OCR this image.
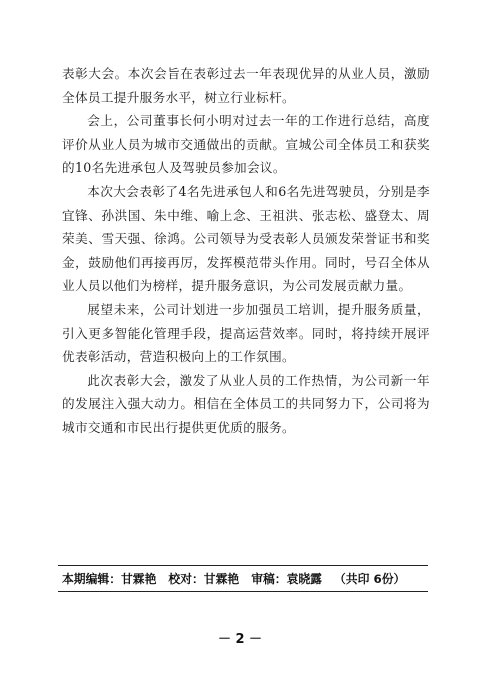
表彰大会。本次会旨在表彰过去一年表现优异的从业人员，激励全体员工提升服务水平，树立行业标杆。

会上，公司董事长何小明对过去一年的工作进行总结，高度评价从业人员为城市交通做出的贡献。宣城公司全体员工和获奖的10名先进承包人及驾驶员参加会议。

本次大会表彰了4名先进承包人和6名先进驾驶员，分别是李宜锋、孙洪国、朱中维、喻上念、王祖洪、张志松、盛登太、周荣美、雪天强、徐鸿。公司领导为受表彰人员颁发荣誉证书和奖金，鼓励他们再接再厉，发挥模范带头作用。同时，号召全体从业人员以他们为榜样，提升服务意识，为公司发展贡献力量。

展望未来，公司计划进一步加强员工培训，提升服务质量，引入更多智能化管理手段，提高运营效率。同时，将持续开展评优表彰活动，营造积极向上的工作氛围。

此次表彰大会，激发了从业人员的工作热情，为公司新一年的发展注入强大动力。相信在全体员工的共同努力下，公司将为城市交通和市民出行提供更优质的服务。

本期编辑：甘霖艳 校对：甘霖艳 审稿：袁晓露 （共印 6份）
－ 2 －
